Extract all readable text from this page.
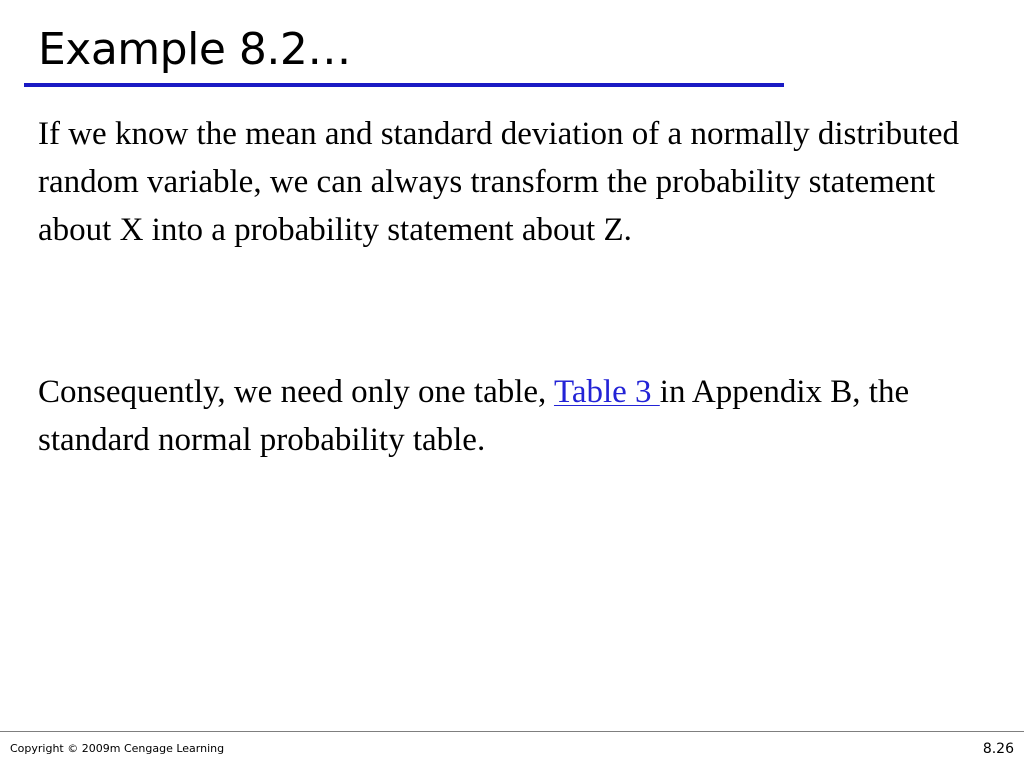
Example 8.2…
If we know the mean and standard deviation of a normally distributed random variable, we can always transform the probability statement about X into a probability statement about Z.
Consequently, we need only one table, Table 3 in Appendix B, the standard normal probability table.
Copyright © 2009m Cengage Learning	8.26
